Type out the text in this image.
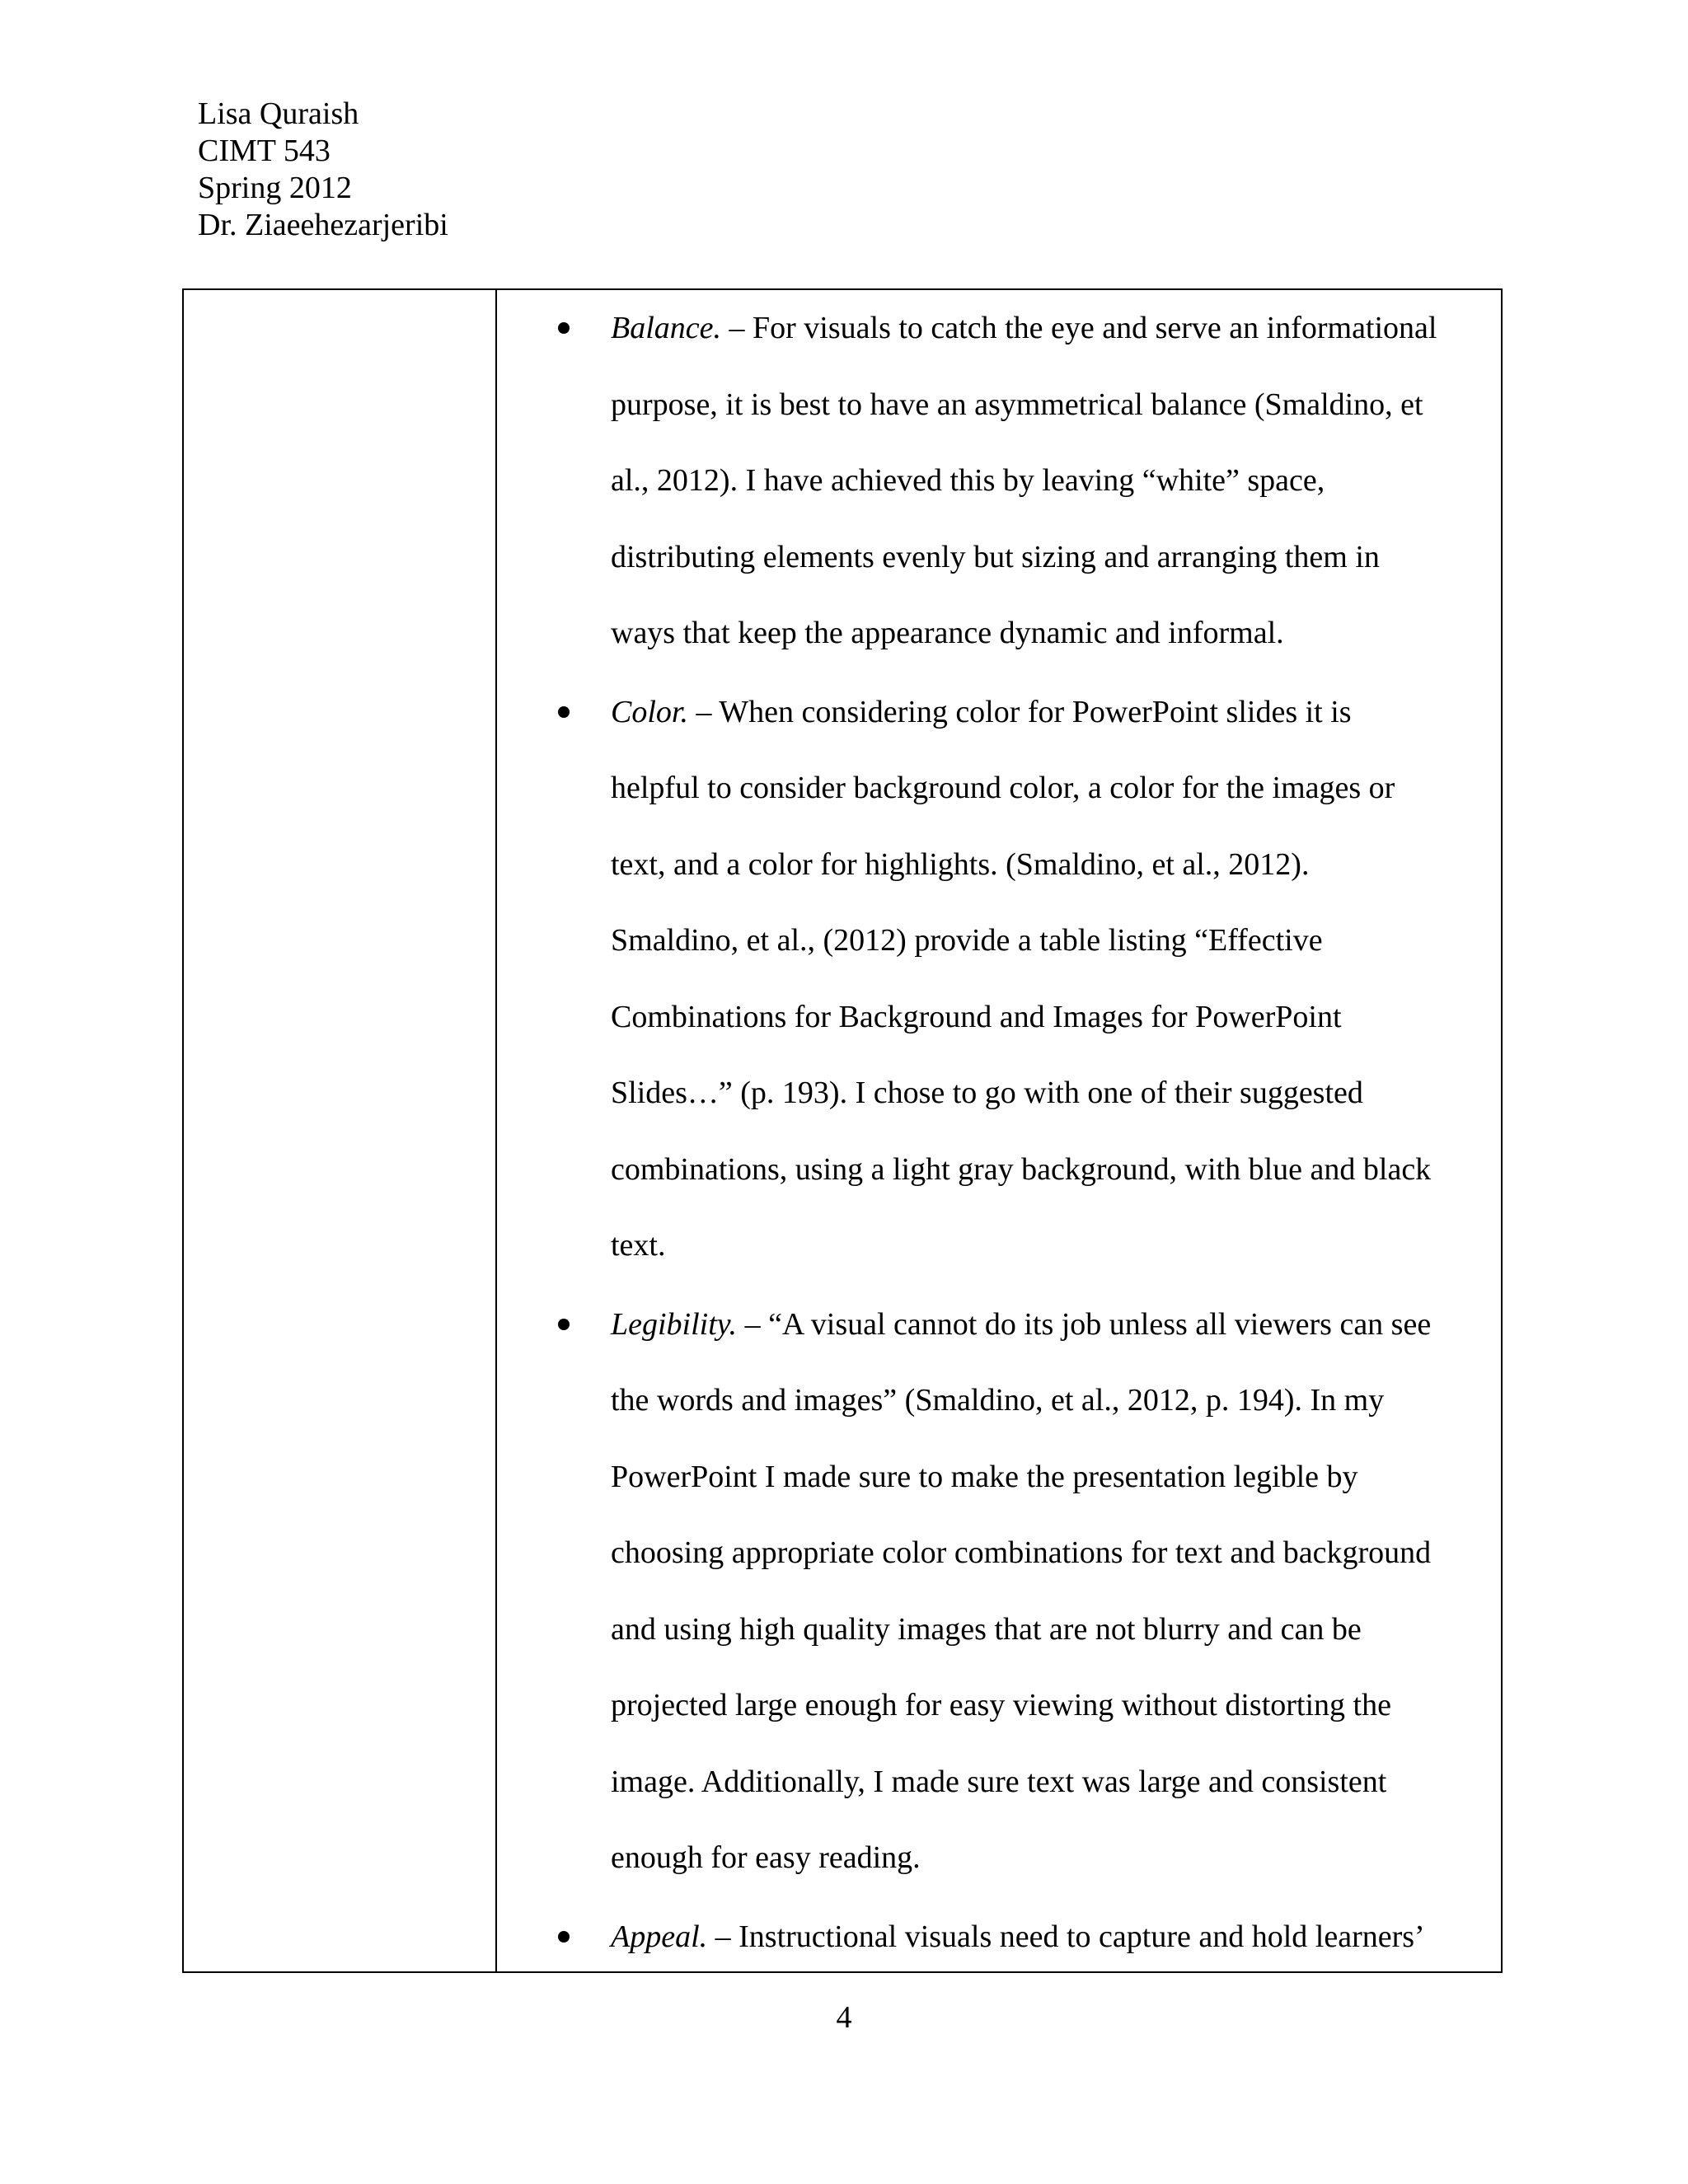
Lisa Quraish
CIMT 543
Spring 2012
Dr. Ziaeehezarjeribi
Balance. – For visuals to catch the eye and serve an informational
purpose, it is best to have an asymmetrical balance (Smaldino, et
al., 2012). I have achieved this by leaving “white” space,
distributing elements evenly but sizing and arranging them in
ways that keep the appearance dynamic and informal.
Color. – When considering color for PowerPoint slides it is
helpful to consider background color, a color for the images or
text, and a color for highlights. (Smaldino, et al., 2012).
Smaldino, et al., (2012) provide a table listing “Effective
Combinations for Background and Images for PowerPoint
Slides…” (p. 193). I chose to go with one of their suggested
combinations, using a light gray background, with blue and black
text.
Legibility. – “A visual cannot do its job unless all viewers can see
the words and images” (Smaldino, et al., 2012, p. 194). In my
PowerPoint I made sure to make the presentation legible by
choosing appropriate color combinations for text and background
and using high quality images that are not blurry and can be
projected large enough for easy viewing without distorting the
image. Additionally, I made sure text was large and consistent
enough for easy reading.
Appeal. – Instructional visuals need to capture and hold learners’
4
